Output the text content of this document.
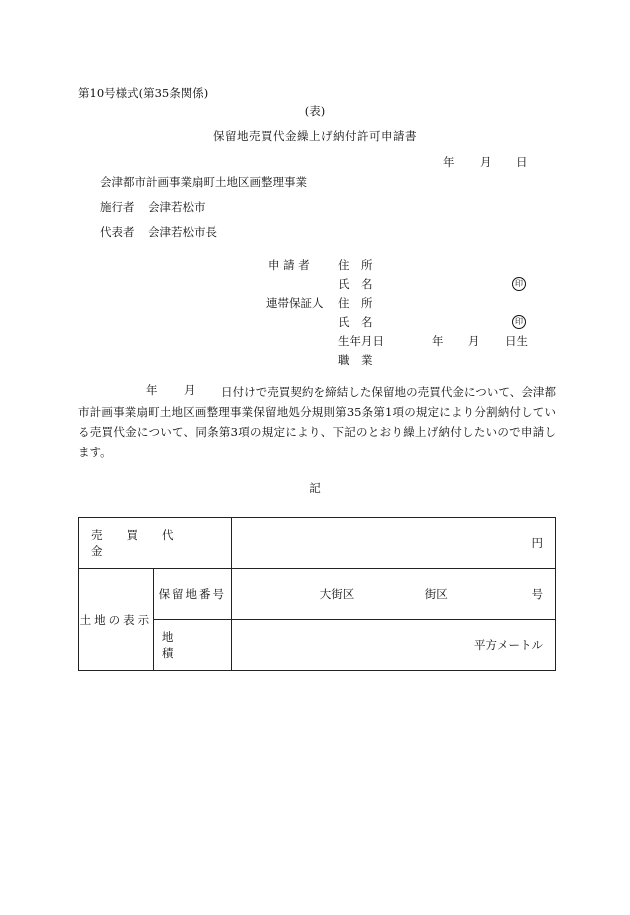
第10号様式(第35条関係)
(表)
保留地売買代金繰上げ納付許可申請書
年 月 日
会津都市計画事業扇町土地区画整理事業
施行者 会津若松市
代表者 会津若松市長
申 請 者 住　所
氏　名	印
連帯保証人 住　所
氏　名	印
生年月日	年 月 日生
職　業
年 月	日付けで売買契約を締結した保留地の売買代金について、会津都市計画事業扇町土地区画整理事業保留地処分規則第35条第1項の規定により分割納付している売買代金について、同条第3項の規定により、下記のとおり繰上げ納付したいので申請します。
記
売買代金		円
土地の表示	保留地番号	大街区 街区 号

	地積	平方メートル
